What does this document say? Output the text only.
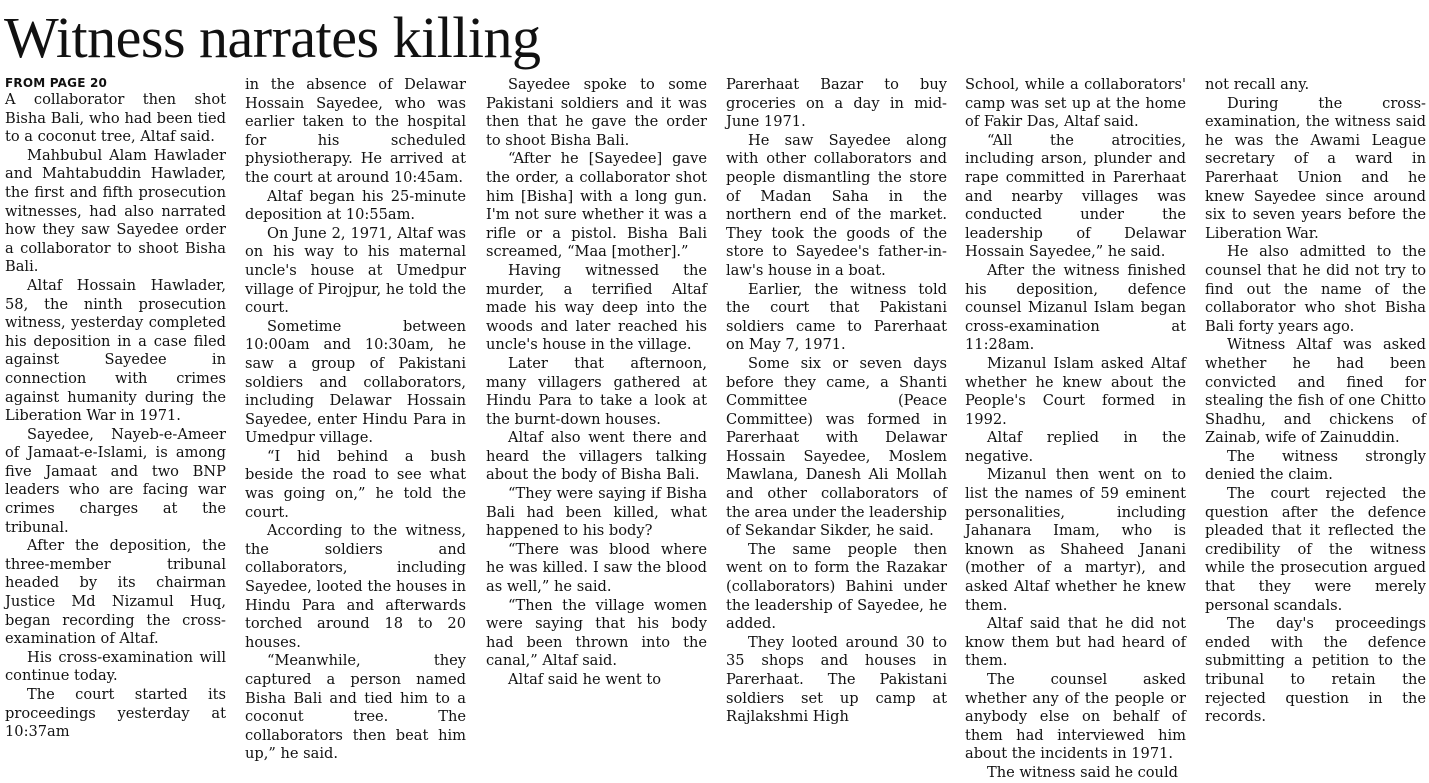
Witness narrates killing
FROM PAGE 20

A collaborator then shot Bisha Bali, who had been tied to a coconut tree, Altaf said.

Mahbubul Alam Hawlader and Mahtabuddin Hawlader, the first and fifth prosecution witnesses, had also narrated how they saw Sayedee order a collaborator to shoot Bisha Bali.

Altaf Hossain Hawlader, 58, the ninth prosecution witness, yesterday completed his deposition in a case filed against Sayedee in connection with crimes against humanity during the Liberation War in 1971.

Sayedee, Nayeb-e-Ameer of Jamaat-e-Islami, is among five Jamaat and two BNP leaders who are facing war crimes charges at the tribunal.

After the deposition, the three-member tribunal headed by its chairman Justice Md Nizamul Huq, began recording the cross-examination of Altaf.

His cross-examination will continue today.

The court started its proceedings yesterday at 10:37am

in the absence of Delawar Hossain Sayedee, who was earlier taken to the hospital for his scheduled physiotherapy. He arrived at the court at around 10:45am.

Altaf began his 25-minute deposition at 10:55am.

On June 2, 1971, Altaf was on his way to his maternal uncle's house at Umedpur village of Pirojpur, he told the court.

Sometime between 10:00am and 10:30am, he saw a group of Pakistani soldiers and collaborators, including Delawar Hossain Sayedee, enter Hindu Para in Umedpur village.

“I hid behind a bush beside the road to see what was going on,” he told the court.

According to the witness, the soldiers and collaborators, including Sayedee, looted the houses in Hindu Para and afterwards torched around 18 to 20 houses.

“Meanwhile, they captured a person named Bisha Bali and tied him to a coconut tree. The collaborators then beat him up,” he said.

Sayedee spoke to some Pakistani soldiers and it was then that he gave the order to shoot Bisha Bali.

“After he [Sayedee] gave the order, a collaborator shot him [Bisha] with a long gun. I'm not sure whether it was a rifle or a pistol. Bisha Bali screamed, “Maa [mother].”

Having witnessed the murder, a terrified Altaf made his way deep into the woods and later reached his uncle's house in the village.

Later that afternoon, many villagers gathered at Hindu Para to take a look at the burnt-down houses.

Altaf also went there and heard the villagers talking about the body of Bisha Bali.

“They were saying if Bisha Bali had been killed, what happened to his body?

“There was blood where he was killed. I saw the blood as well,” he said.

“Then the village women were saying that his body had been thrown into the canal,” Altaf said.

Altaf said he went to

Parerhaat Bazar to buy groceries on a day in mid-June 1971.

He saw Sayedee along with other collaborators and people dismantling the store of Madan Saha in the northern end of the market. They took the goods of the store to Sayedee's father-in-law's house in a boat.

Earlier, the witness told the court that Pakistani soldiers came to Parerhaat on May 7, 1971.

Some six or seven days before they came, a Shanti Committee (Peace Committee) was formed in Parerhaat with Delawar Hossain Sayedee, Moslem Mawlana, Danesh Ali Mollah and other collaborators of the area under the leadership of Sekandar Sikder, he said.

The same people then went on to form the Razakar (collaborators) Bahini under the leadership of Sayedee, he added.

They looted around 30 to 35 shops and houses in Parerhaat. The Pakistani soldiers set up camp at Rajlakshmi High

School, while a collaborators' camp was set up at the home of Fakir Das, Altaf said.

“All the atrocities, including arson, plunder and rape committed in Parerhaat and nearby villages was conducted under the leadership of Delawar Hossain Sayedee,” he said.

After the witness finished his deposition, defence counsel Mizanul Islam began cross-examination at 11:28am.

Mizanul Islam asked Altaf whether he knew about the People's Court formed in 1992.

Altaf replied in the negative.

Mizanul then went on to list the names of 59 eminent personalities, including Jahanara Imam, who is known as Shaheed Janani (mother of a martyr), and asked Altaf whether he knew them.

Altaf said that he did not know them but had heard of them.

The counsel asked whether any of the people or anybody else on behalf of them had interviewed him about the incidents in 1971.

The witness said he could

not recall any.

During the cross-examination, the witness said he was the Awami League secretary of a ward in Parerhaat Union and he knew Sayedee since around six to seven years before the Liberation War.

He also admitted to the counsel that he did not try to find out the name of the collaborator who shot Bisha Bali forty years ago.

Witness Altaf was asked whether he had been convicted and fined for stealing the fish of one Chitto Shadhu, and chickens of Zainab, wife of Zainuddin.

The witness strongly denied the claim.

The court rejected the question after the defence pleaded that it reflected the credibility of the witness while the prosecution argued that they were merely personal scandals.

The day's proceedings ended with the defence submitting a petition to the tribunal to retain the rejected question in the records.
